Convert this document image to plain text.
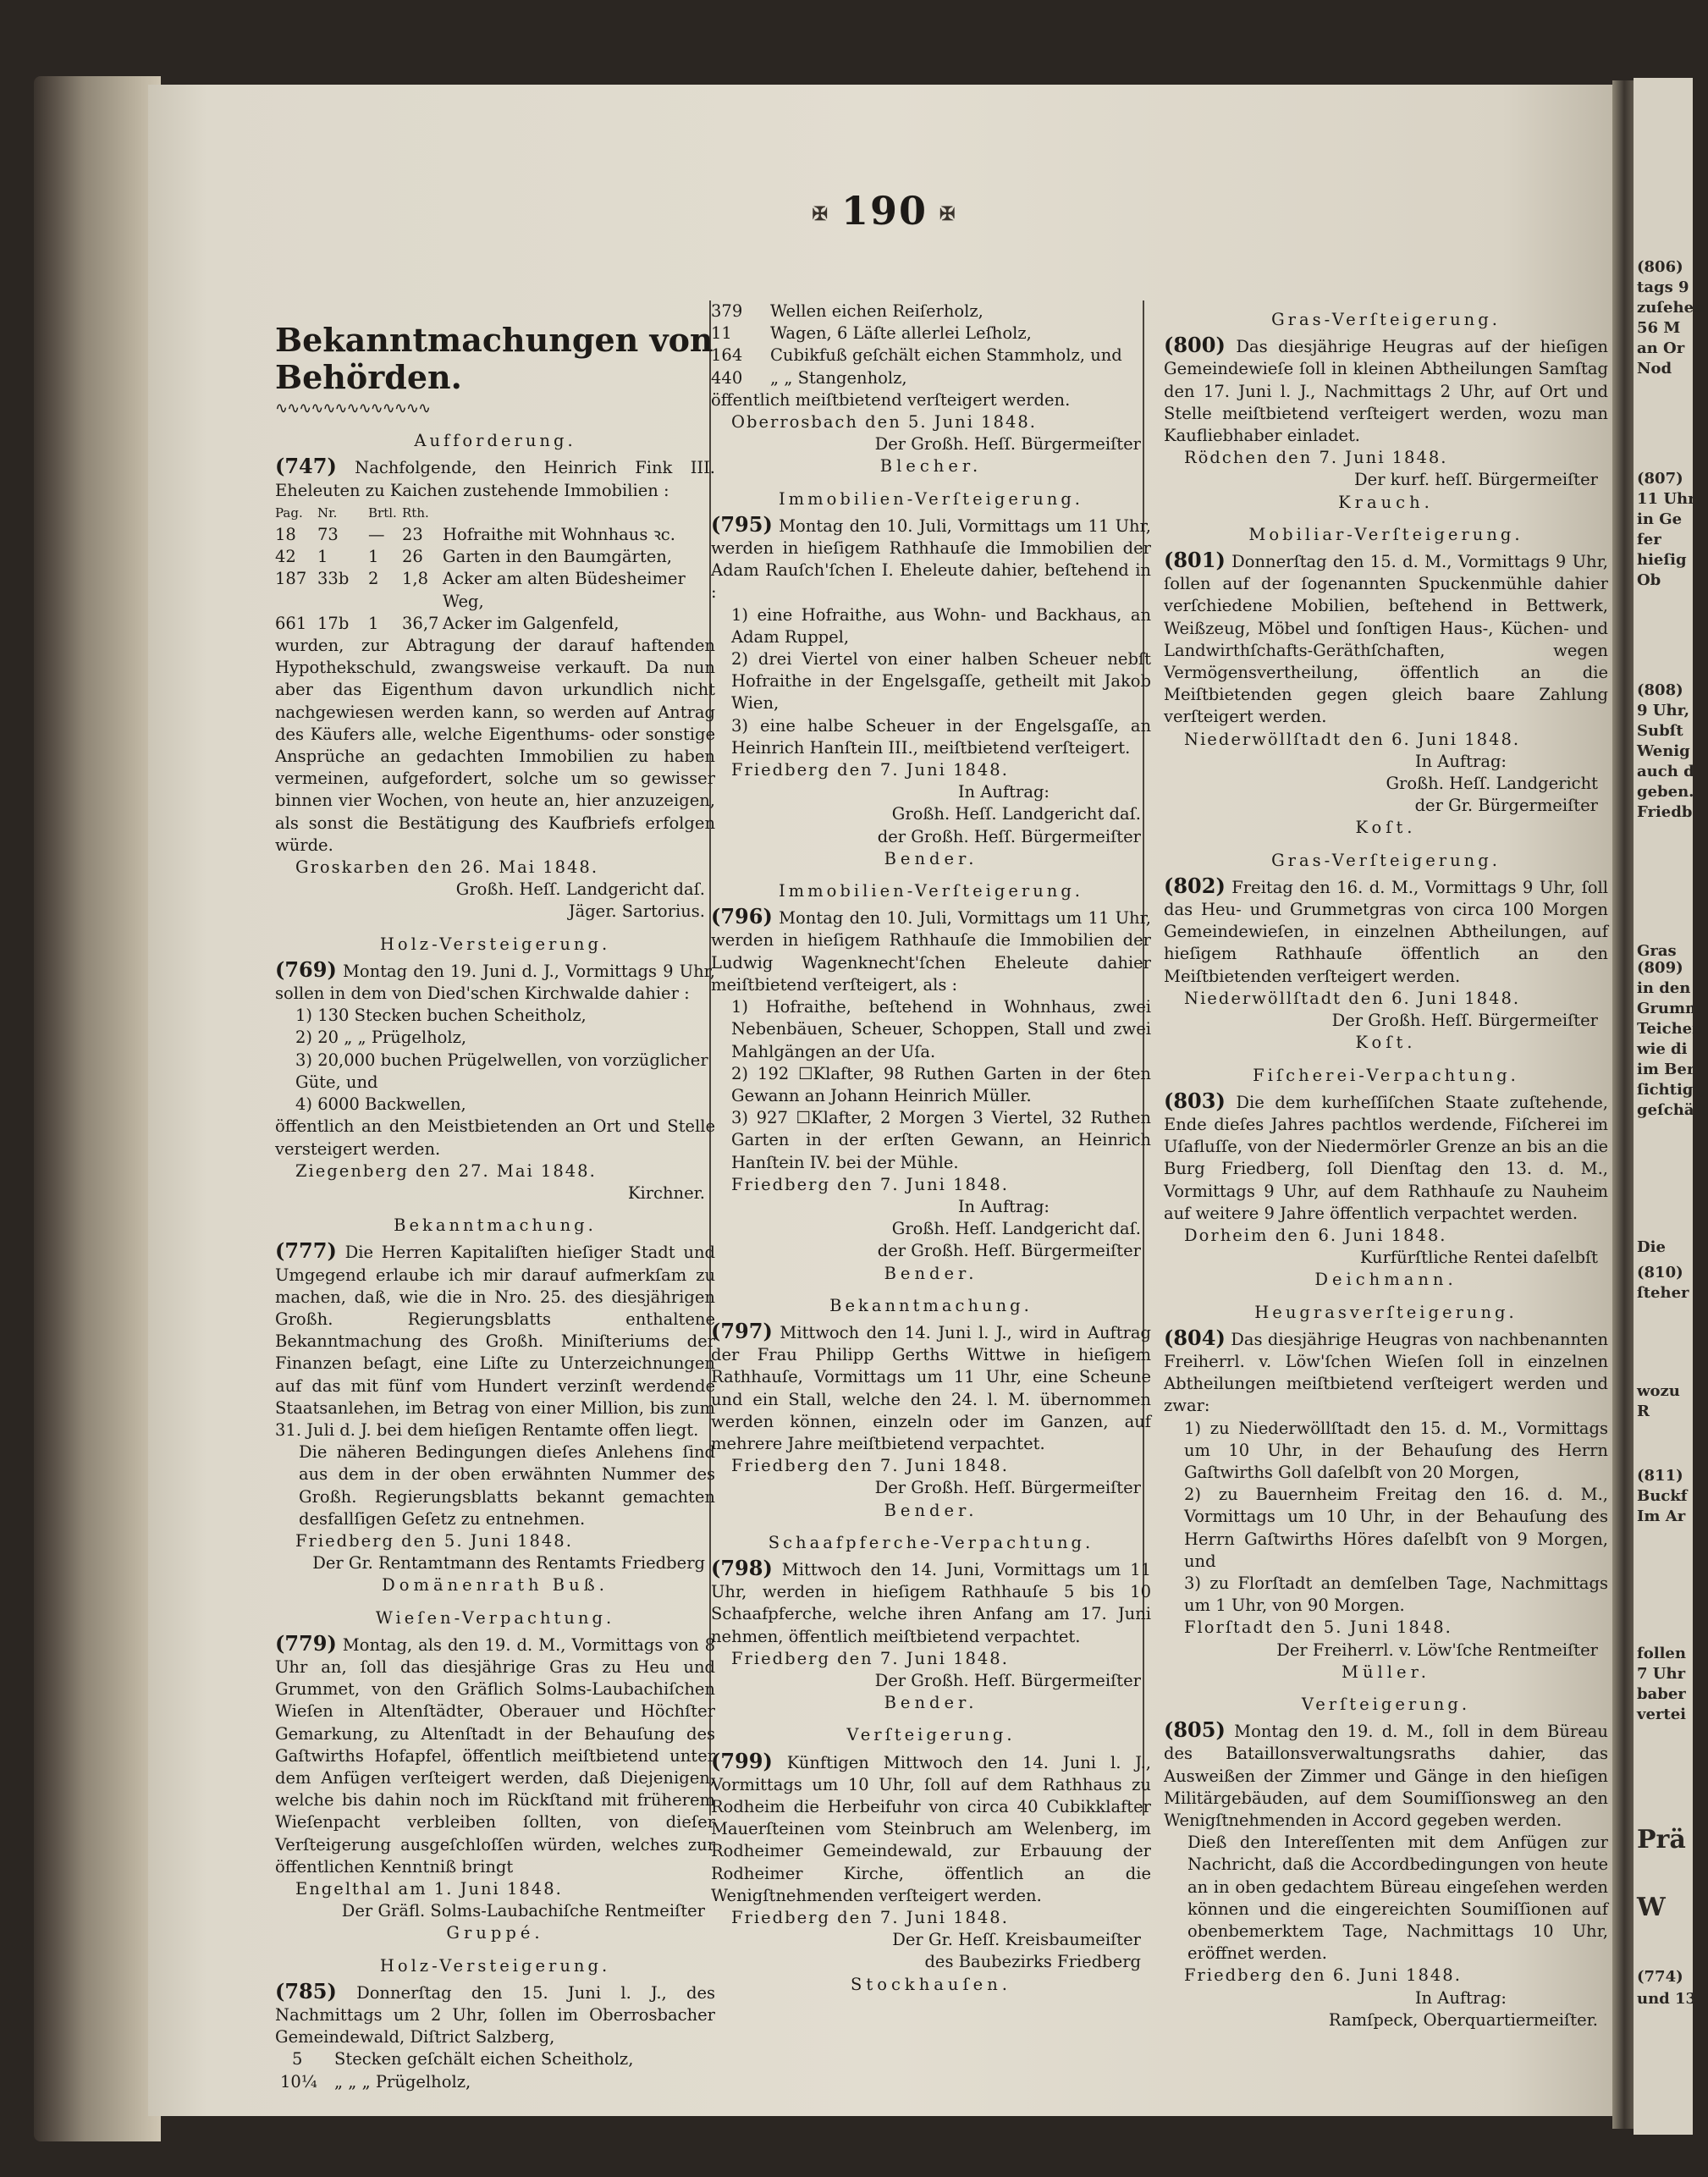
✠ 190 ✠
Bekanntmachungen von Behörden.
∿∿∿∿∿∿∿∿∿∿∿∿∿
Aufforderung.
(747) Nachfolgende, den Heinrich Fink III. Eheleuten zu Kaichen zustehende Immobilien :
Pag.	Nr.	Brtl. Rth.
18	73	—	23	Hofraithe mit Wohnhaus ꝛc.
42	1	1	26	Garten in den Baumgärten,
187 33b	2	1,8 Acker am alten Büdesheimer Weg,
661 17b	1	36,7 Acker im Galgenfeld,
wurden, zur Abtragung der darauf haftenden Hypothekschuld, zwangsweise verkauft. Da nun aber das Eigenthum davon urkundlich nicht nachgewiesen werden kann, so werden auf Antrag des Käufers alle, welche Eigenthums- oder sonstige Ansprüche an gedachten Immobilien zu haben vermeinen, aufgefordert, solche um so gewisser binnen vier Wochen, von heute an, hier anzuzeigen, als sonst die Bestätigung des Kaufbriefs erfolgen würde.
Groskarben den 26. Mai 1848.
Großh. Heſſ. Landgericht daſ.
Jäger. Sartorius.
Holz-Versteigerung.
(769) Montag den 19. Juni d. J., Vormittags 9 Uhr, sollen in dem von Died'schen Kirchwalde dahier :
1) 130 Stecken buchen Scheitholz,
2) 20 „ „ Prügelholz,
3) 20,000 buchen Prügelwellen, von vorzüglicher Güte, und
4) 6000 Backwellen,
öffentlich an den Meistbietenden an Ort und Stelle versteigert werden.
Ziegenberg den 27. Mai 1848.
Kirchner.
Bekanntmachung.
(777) Die Herren Kapitaliſten hieſiger Stadt und Umgegend erlaube ich mir darauf aufmerkſam zu machen, daß, wie die in Nro. 25. des diesjährigen Großh. Regierungsblatts enthaltene Bekanntmachung des Großh. Miniſteriums der Finanzen beſagt, eine Liſte zu Unterzeichnungen auf das mit fünf vom Hundert verzinſt werdende Staatsanlehen, im Betrag von einer Million, bis zum 31. Juli d. J. bei dem hieſigen Rentamte offen liegt.
Die näheren Bedingungen dieſes Anlehens ſind aus dem in der oben erwähnten Nummer des Großh. Regierungsblatts bekannt gemachten desfallſigen Geſetz zu entnehmen.
Friedberg den 5. Juni 1848.
Der Gr. Rentamtmann des Rentamts Friedberg
Domänenrath Buß.
Wieſen-Verpachtung.
(779) Montag, als den 19. d. M., Vormittags von 8 Uhr an, ſoll das diesjährige Gras zu Heu und Grummet, von den Gräflich Solms-Laubachiſchen Wieſen in Altenſtädter, Oberauer und Höchſter Gemarkung, zu Altenſtadt in der Behauſung des Gaſtwirths Hofapfel, öffentlich meiſtbietend unter dem Anfügen verſteigert werden, daß Diejenigen, welche bis dahin noch im Rückſtand mit früherem Wieſenpacht verbleiben ſollten, von dieſer Verſteigerung ausgeſchloſſen würden, welches zur öffentlichen Kenntniß bringt
Engelthal am 1. Juni 1848.
Der Gräfl. Solms-Laubachiſche Rentmeiſter
Gruppé.
Holz-Versteigerung.
(785) Donnerſtag den 15. Juni l. J., des Nachmittags um 2 Uhr, ſollen im Oberrosbacher Gemeindewald, Diſtrict Salzberg,
5	Stecken geſchält eichen Scheitholz,
10¼	„ „ „ Prügelholz,
379	Wellen eichen Reiſerholz,
11	Wagen, 6 Läſte allerlei Leſholz,
164	Cubikfuß geſchält eichen Stammholz, und
440	„ „ Stangenholz,
öffentlich meiſtbietend verſteigert werden.
Oberrosbach den 5. Juni 1848.
Der Großh. Heſſ. Bürgermeiſter
Blecher.
Immobilien-Verſteigerung.
(795) Montag den 10. Juli, Vormittags um 11 Uhr, werden in hieſigem Rathhauſe die Immobilien der Adam Rauſch'ſchen I. Eheleute dahier, beſtehend in :
1) eine Hofraithe, aus Wohn- und Backhaus, an Adam Ruppel,
2) drei Viertel von einer halben Scheuer nebſt Hofraithe in der Engelsgaſſe, getheilt mit Jakob Wien,
3) eine halbe Scheuer in der Engelsgaſſe, an Heinrich Hanſtein III., meiſtbietend verſteigert.
Friedberg den 7. Juni 1848.
In Auftrag:
Großh. Heſſ. Landgericht daſ.
der Großh. Heſſ. Bürgermeiſter
Bender.
Immobilien-Verſteigerung.
(796) Montag den 10. Juli, Vormittags um 11 Uhr, werden in hieſigem Rathhauſe die Immobilien der Ludwig Wagenknecht'ſchen Eheleute dahier meiſtbietend verſteigert, als :
1) Hofraithe, beſtehend in Wohnhaus, zwei Nebenbäuen, Scheuer, Schoppen, Stall und zwei Mahlgängen an der Uſa.
2) 192 ☐Klafter, 98 Ruthen Garten in der 6ten Gewann an Johann Heinrich Müller.
3) 927 ☐Klafter, 2 Morgen 3 Viertel, 32 Ruthen Garten in der erſten Gewann, an Heinrich Hanſtein IV. bei der Mühle.
Friedberg den 7. Juni 1848.
In Auftrag:
Großh. Heſſ. Landgericht daſ.
der Großh. Heſſ. Bürgermeiſter
Bender.
Bekanntmachung.
(797) Mittwoch den 14. Juni l. J., wird in Auftrag der Frau Philipp Gerths Wittwe in hieſigem Rathhauſe, Vormittags um 11 Uhr, eine Scheune und ein Stall, welche den 24. l. M. übernommen werden können, einzeln oder im Ganzen, auf mehrere Jahre meiſtbietend verpachtet.
Friedberg den 7. Juni 1848.
Der Großh. Heſſ. Bürgermeiſter
Bender.
Schaafpferche-Verpachtung.
(798) Mittwoch den 14. Juni, Vormittags um 11 Uhr, werden in hieſigem Rathhauſe 5 bis 10 Schaafpferche, welche ihren Anfang am 17. Juni nehmen, öffentlich meiſtbietend verpachtet.
Friedberg den 7. Juni 1848.
Der Großh. Heſſ. Bürgermeiſter
Bender.
Verſteigerung.
(799) Künftigen Mittwoch den 14. Juni l. J., Vormittags um 10 Uhr, ſoll auf dem Rathhaus zu Rodheim die Herbeifuhr von circa 40 Cubikklafter Mauerſteinen vom Steinbruch am Welenberg, im Rodheimer Gemeindewald, zur Erbauung der Rodheimer Kirche, öffentlich an die Wenigſtnehmenden verſteigert werden.
Friedberg den 7. Juni 1848.
Der Gr. Heſſ. Kreisbaumeiſter
des Baubezirks Friedberg
Stockhauſen.
Gras-Verſteigerung.
(800) Das diesjährige Heugras auf der hieſigen Gemeindewieſe ſoll in kleinen Abtheilungen Samſtag den 17. Juni l. J., Nachmittags 2 Uhr, auf Ort und Stelle meiſtbietend verſteigert werden, wozu man Kaufliebhaber einladet.
Rödchen den 7. Juni 1848.
Der kurf. heſſ. Bürgermeiſter
Krauch.
Mobiliar-Verſteigerung.
(801) Donnerſtag den 15. d. M., Vormittags 9 Uhr, ſollen auf der ſogenannten Spuckenmühle dahier verſchiedene Mobilien, beſtehend in Bettwerk, Weißzeug, Möbel und ſonſtigen Haus-, Küchen- und Landwirthſchafts-Geräthſchaften, wegen Vermögensvertheilung, öffentlich an die Meiſtbietenden gegen gleich baare Zahlung verſteigert werden.
Niederwöllſtadt den 6. Juni 1848.
In Auftrag:
Großh. Heſſ. Landgericht
der Gr. Bürgermeiſter
Koſt.
Gras-Verſteigerung.
(802) Freitag den 16. d. M., Vormittags 9 Uhr, ſoll das Heu- und Grummetgras von circa 100 Morgen Gemeindewieſen, in einzelnen Abtheilungen, auf hieſigem Rathhauſe öffentlich an den Meiſtbietenden verſteigert werden.
Niederwöllſtadt den 6. Juni 1848.
Der Großh. Heſſ. Bürgermeiſter
Koſt.
Fiſcherei-Verpachtung.
(803) Die dem kurheſſiſchen Staate zuſtehende, Ende dieſes Jahres pachtlos werdende, Fiſcherei im Uſafluſſe, von der Niedermörler Grenze an bis an die Burg Friedberg, ſoll Dienſtag den 13. d. M., Vormittags 9 Uhr, auf dem Rathhauſe zu Nauheim auf weitere 9 Jahre öffentlich verpachtet werden.
Dorheim den 6. Juni 1848.
Kurfürſtliche Rentei daſelbſt
Deichmann.
Heugrasverſteigerung.
(804) Das diesjährige Heugras von nachbenannten Freiherrl. v. Löw'ſchen Wieſen ſoll in einzelnen Abtheilungen meiſtbietend verſteigert werden und zwar:
1) zu Niederwöllſtadt den 15. d. M., Vormittags um 10 Uhr, in der Behauſung des Herrn Gaſtwirths Goll daſelbſt von 20 Morgen,
2) zu Bauernheim Freitag den 16. d. M., Vormittags um 10 Uhr, in der Behauſung des Herrn Gaſtwirths Höres daſelbſt von 9 Morgen, und
3) zu Florſtadt an demſelben Tage, Nachmittags um 1 Uhr, von 90 Morgen.
Florſtadt den 5. Juni 1848.
Der Freiherrl. v. Löw'ſche Rentmeiſter
Müller.
Verſteigerung.
(805) Montag den 19. d. M., ſoll in dem Büreau des Bataillonsverwaltungsraths dahier, das Ausweißen der Zimmer und Gänge in den hieſigen Militärgebäuden, auf dem Soumiſſionsweg an den Wenigſtnehmenden in Accord gegeben werden.
Dieß den Intereſſenten mit dem Anfügen zur Nachricht, daß die Accordbedingungen von heute an in oben gedachtem Büreau eingeſehen werden können und die eingereichten Soumiſſionen auf obenbemerktem Tage, Nachmittags 10 Uhr, eröffnet werden.
Friedberg den 6. Juni 1848.
In Auftrag:
Ramſpeck, Oberquartiermeiſter.
(806)
tags 9
zuſehen
56 M
an Or
Nod
(807)
11 Uhr,
in Ge
fer
hieſig
Ob
(808)
9 Uhr,
Subſt
Wenig
auch d
geben.
Friedb
Gras
(809)
in den
Grumm
Teichen
wie di
im Ber
ſichtigt,
geſchäft
Die
(810)
ſteher
wozu
R
(811)
Buckf
Im Ar
follen
7 Uhr
baber
vertei
Prä
W
(774)
und 13
